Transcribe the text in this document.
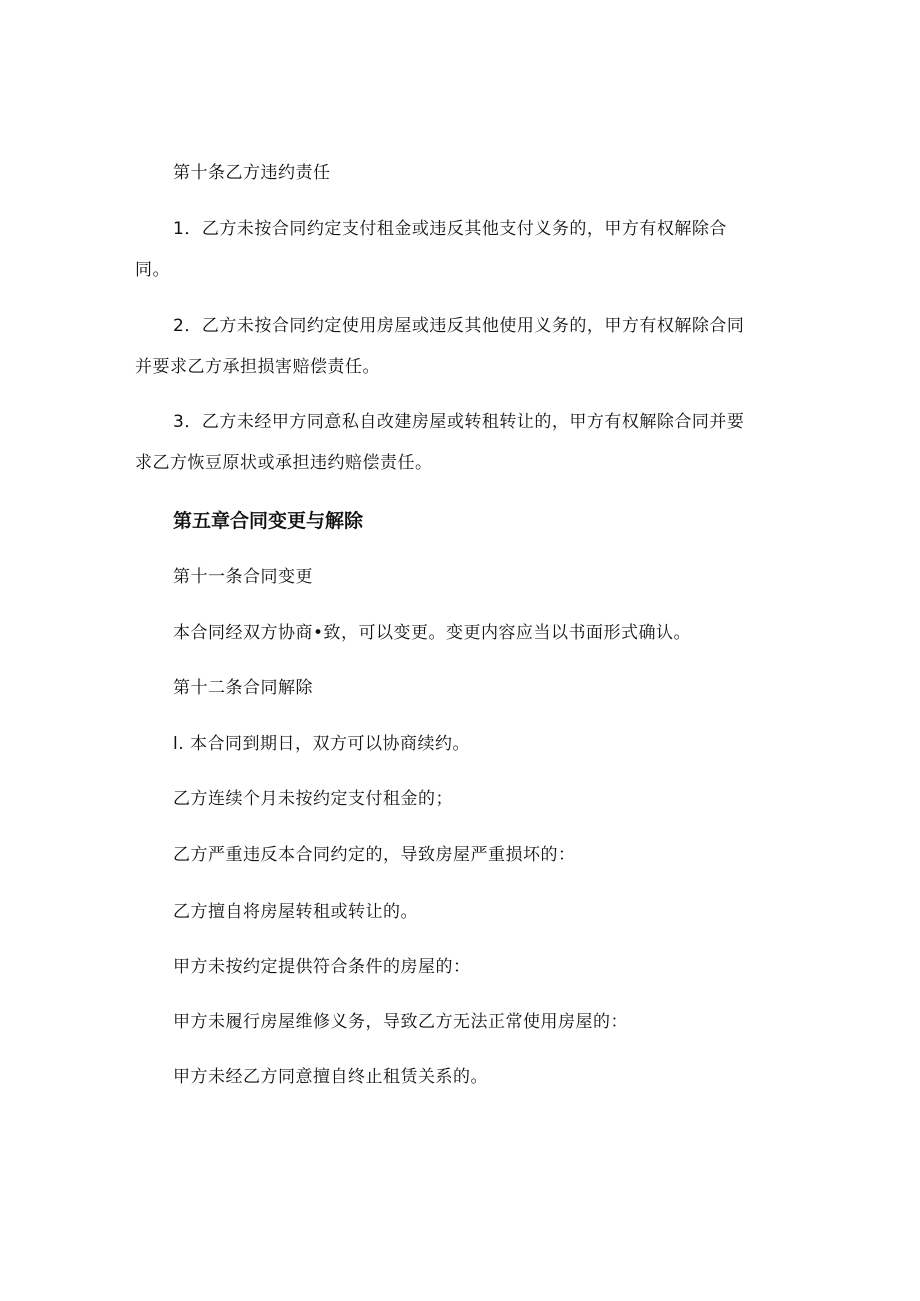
第十条乙方违约责任

1．乙方未按合同约定支付租金或违反其他支付义务的，甲方有权解除合

同。

2．乙方未按合同约定使用房屋或违反其他使用义务的，甲方有权解除合同

并要求乙方承担损害赔偿责任。

3．乙方未经甲方同意私自改建房屋或转租转让的，甲方有权解除合同并要

求乙方恢豆原状或承担违约赔偿责任。

第五章合同变更与解除

第十一条合同变更

本合同经双方协商•致，可以变更。变更内容应当以书面形式确认。

第十二条合同解除

l. 本合同到期日，双方可以协商续约。

乙方连续个月未按约定支付租金的；

乙方严重违反本合同约定的，导致房屋严重损坏的：

乙方擅自将房屋转租或转让的。

甲方未按约定提供符合条件的房屋的：

甲方未履行房屋维修义务，导致乙方无法正常使用房屋的：

甲方未经乙方同意擅自终止租赁关系的。
